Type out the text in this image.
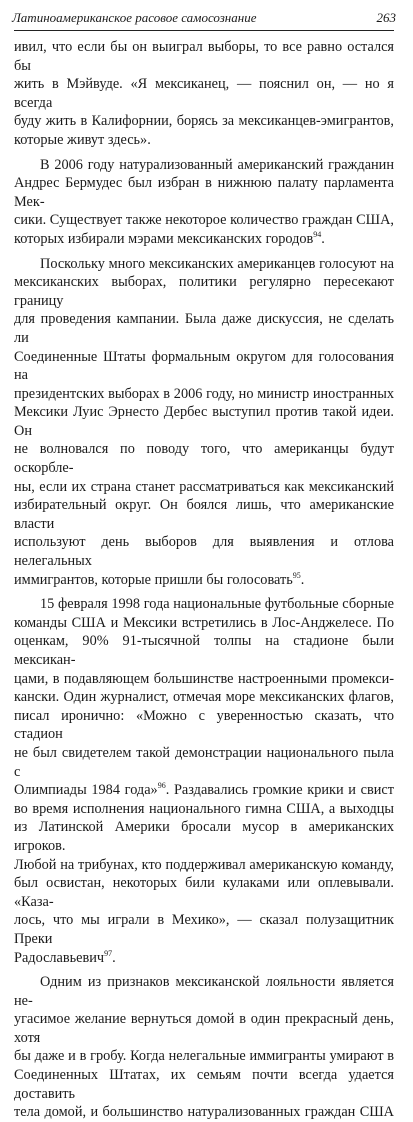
Латиноамериканское расовое самосознание	263
ивил, что если бы он выиграл выборы, то все равно остался бы
жить в Мэйвуде. «Я мексиканец, — пояснил он, — но я всегда
буду жить в Калифорнии, борясь за мексиканцев-эмигрантов,
которые живут здесь».
В 2006 году натурализованный американский гражданин
Андрес Бермудес был избран в нижнюю палату парламента Мек-
сики. Существует также некоторое количество граждан США,
которых избирали мэрами мексиканских городов$^{94}$.
Поскольку много мексиканских американцев голосуют на
мексиканских выборах, политики регулярно пересекают границу
для проведения кампании. Была даже дискуссия, не сделать ли
Соединенные Штаты формальным округом для голосования на
президентских выборах в 2006 году, но министр иностранных
Мексики Луис Эрнесто Дербес выступил против такой идеи. Он
не волновался по поводу того, что американцы будут оскорбле-
ны, если их страна станет рассматриваться как мексиканский
избирательный округ. Он боялся лишь, что американские власти
используют день выборов для выявления и отлова нелегальных
иммигрантов, которые пришли бы голосовать$^{95}$.
15 февраля 1998 года национальные футбольные сборные
команды США и Мексики встретились в Лос-Анджелесе. По
оценкам, 90% 91-тысячной толпы на стадионе были мексикан-
цами, в подавляющем большинстве настроенными промекси-
кански. Один журналист, отмечая море мексиканских флагов,
писал иронично: «Можно с уверенностью сказать, что стадион
не был свидетелем такой демонстрации национального пыла с
Олимпиады 1984 года»$^{96}$. Раздавались громкие крики и свист
во время исполнения национального гимна США, а выходцы
из Латинской Америки бросали мусор в американских игроков.
Любой на трибунах, кто поддерживал американскую команду,
был освистан, некоторых били кулаками или оплевывали. «Каза-
лось, что мы играли в Мехико», — сказал полузащитник Преки
Радославьевич$^{97}$.
Одним из признаков мексиканской лояльности является не-
угасимое желание вернуться домой в один прекрасный день, хотя
бы даже и в гробу. Когда нелегальные иммигранты умирают в
Соединенных Штатах, их семьям почти всегда удается доставить
тела домой, и большинство натурализованных граждан США
